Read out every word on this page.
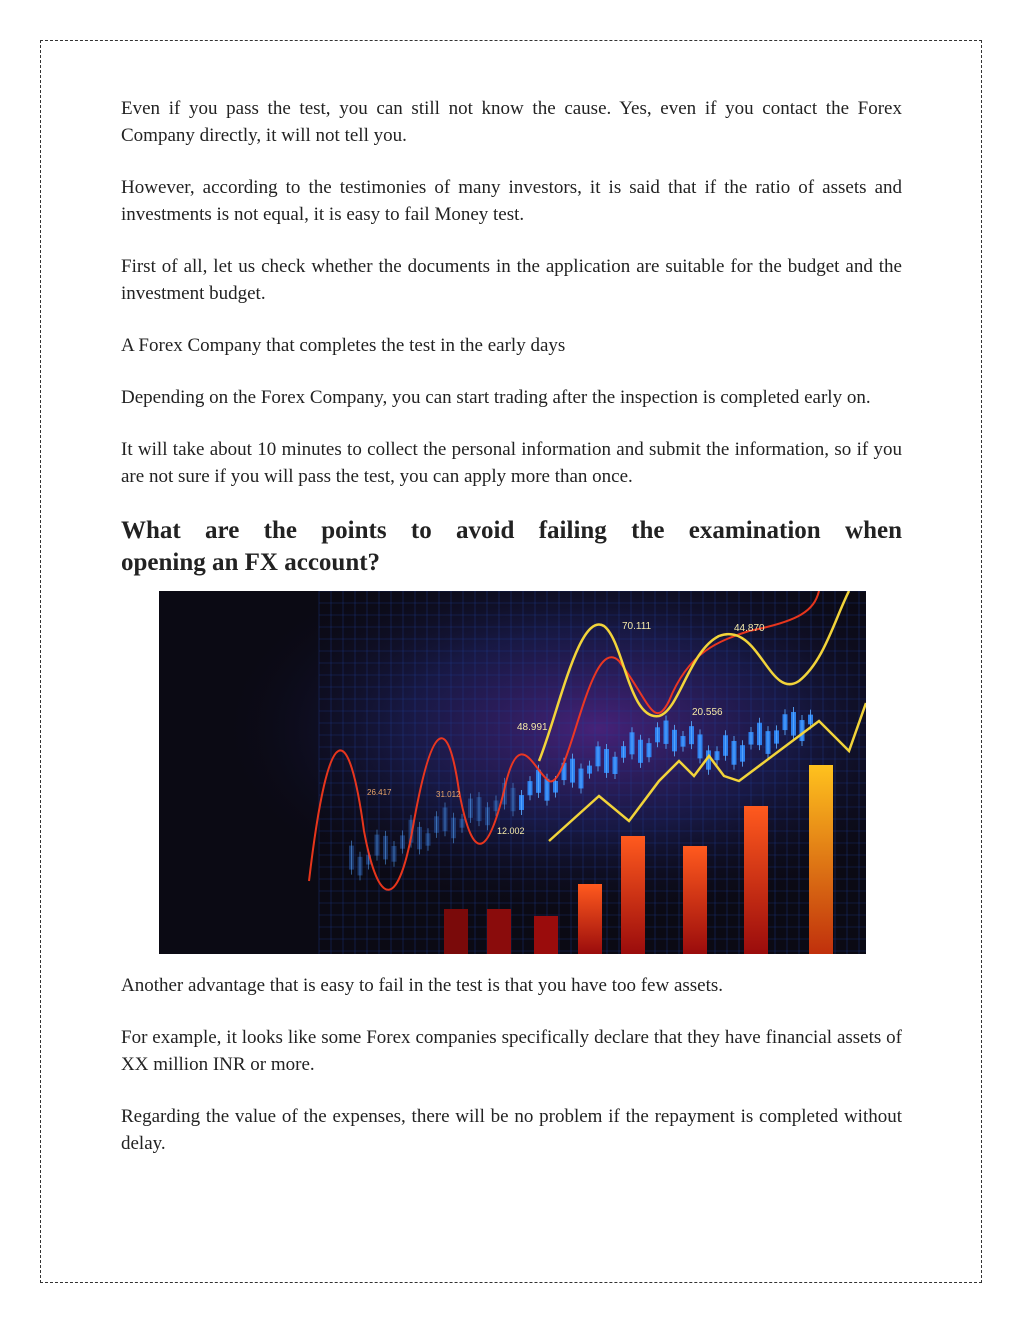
Even if you pass the test, you can still not know the cause. Yes, even if you contact the Forex Company directly, it will not tell you.

However, according to the testimonies of many investors, it is said that if the ratio of assets and investments is not equal, it is easy to fail Money test.

First of all, let us check whether the documents in the application are suitable for the budget and the investment budget.

A Forex Company that completes the test in the early days

Depending on the Forex Company, you can start trading after the inspection is completed early on.

It will take about 10 minutes to collect the personal information and submit the information, so if you are not sure if you will pass the test, you can apply more than once.

What are the points to avoid failing the examination when
opening an FX account?
70.111	44.870
48.991
20.556
26.417	31.012
12.002

Another advantage that is easy to fail in the test is that you have too few assets.

For example, it looks like some Forex companies specifically declare that they have financial assets of XX million INR or more.

Regarding the value of the expenses, there will be no problem if the repayment is completed without delay.
